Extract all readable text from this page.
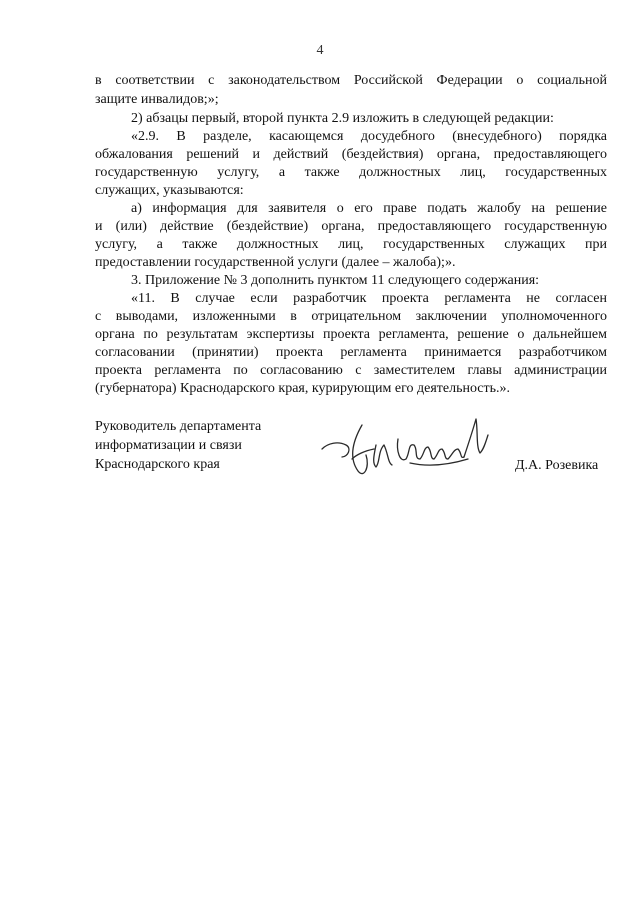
4
в соответствии с законодательством Российской Федерации о социальной
защите инвалидов;»;
2) абзацы первый, второй пункта 2.9 изложить в следующей редакции:
«2.9. В разделе, касающемся досудебного (внесудебного) порядка
обжалования решений и действий (бездействия) органа, предоставляющего
государственную услугу, а также должностных лиц, государственных
служащих, указываются:
а) информация для заявителя о его праве подать жалобу на решение
и (или) действие (бездействие) органа, предоставляющего государственную
услугу, а также должностных лиц, государственных служащих при
предоставлении государственной услуги (далее – жалоба);».
3. Приложение № 3 дополнить пунктом 11 следующего содержания:
«11. В случае если разработчик проекта регламента не согласен
с выводами, изложенными в отрицательном заключении уполномоченного
органа по результатам экспертизы проекта регламента, решение о дальнейшем
согласовании (принятии) проекта регламента принимается разработчиком
проекта регламента по согласованию с заместителем главы администрации
(губернатора) Краснодарского края, курирующим его деятельность.».
Руководитель департамента
информатизации и связи
Краснодарского края	Д.А. Розевика
